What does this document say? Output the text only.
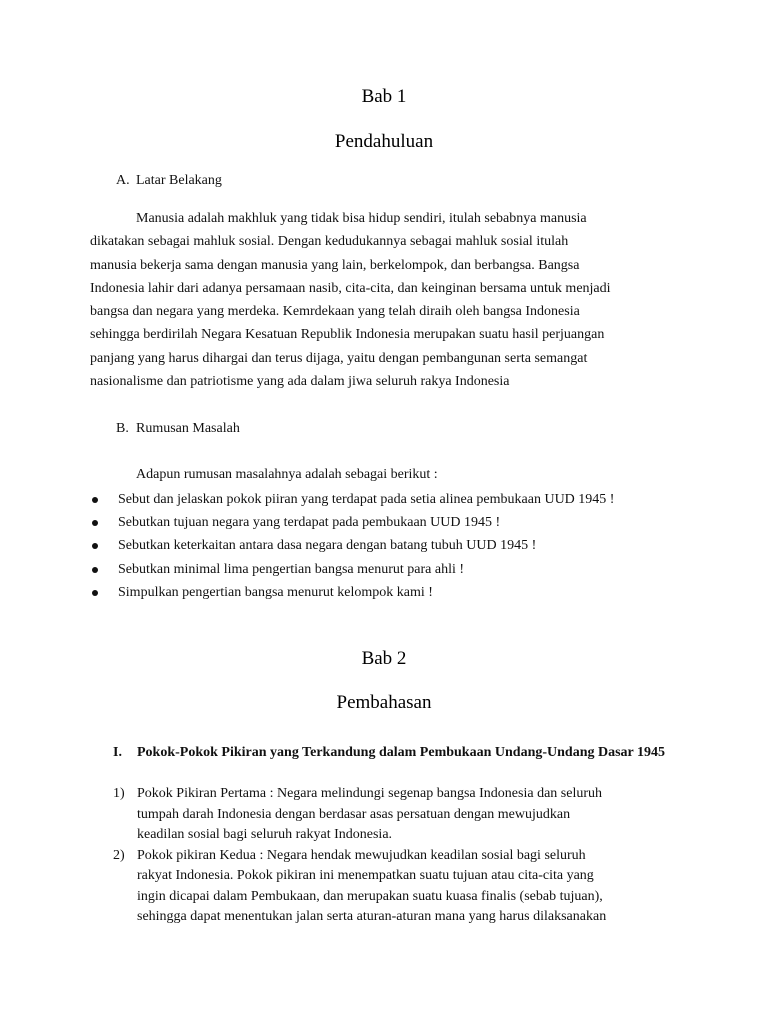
Bab 1
Pendahuluan
A. Latar Belakang

Manusia adalah makhluk yang tidak bisa hidup sendiri, itulah sebabnya manusia
dikatakan sebagai mahluk sosial. Dengan kedudukannya sebagai mahluk sosial itulah
manusia bekerja sama dengan manusia yang lain, berkelompok, dan berbangsa. Bangsa
Indonesia lahir dari adanya persamaan nasib, cita-cita, dan keinginan bersama untuk menjadi
bangsa dan negara yang merdeka. Kemrdekaan yang telah diraih oleh bangsa Indonesia
sehingga berdirilah Negara Kesatuan Republik Indonesia merupakan suatu hasil perjuangan
panjang yang harus dihargai dan terus dijaga, yaitu dengan pembangunan serta semangat
nasionalisme dan patriotisme yang ada dalam jiwa seluruh rakya Indonesia

B. Rumusan Masalah
Adapun rumusan masalahnya adalah sebagai berikut :
Sebut dan jelaskan pokok piiran yang terdapat pada setia alinea pembukaan UUD 1945 !
Sebutkan tujuan negara yang terdapat pada pembukaan UUD 1945 !
Sebutkan keterkaitan antara dasa negara dengan batang tubuh UUD 1945 !
Sebutkan minimal lima pengertian bangsa menurut para ahli !
Simpulkan pengertian bangsa menurut kelompok kami !
Bab 2
Pembahasan
I. Pokok-Pokok Pikiran yang Terkandung dalam Pembukaan Undang-Undang Dasar 1945
1) Pokok Pikiran Pertama : Negara melindungi segenap bangsa Indonesia dan seluruh
tumpah darah Indonesia dengan berdasar asas persatuan dengan mewujudkan
keadilan sosial bagi seluruh rakyat Indonesia.
2) Pokok pikiran Kedua : Negara hendak mewujudkan keadilan sosial bagi seluruh
rakyat Indonesia. Pokok pikiran ini menempatkan suatu tujuan atau cita-cita yang
ingin dicapai dalam Pembukaan, dan merupakan suatu kuasa finalis (sebab tujuan),
sehingga dapat menentukan jalan serta aturan-aturan mana yang harus dilaksanakan
